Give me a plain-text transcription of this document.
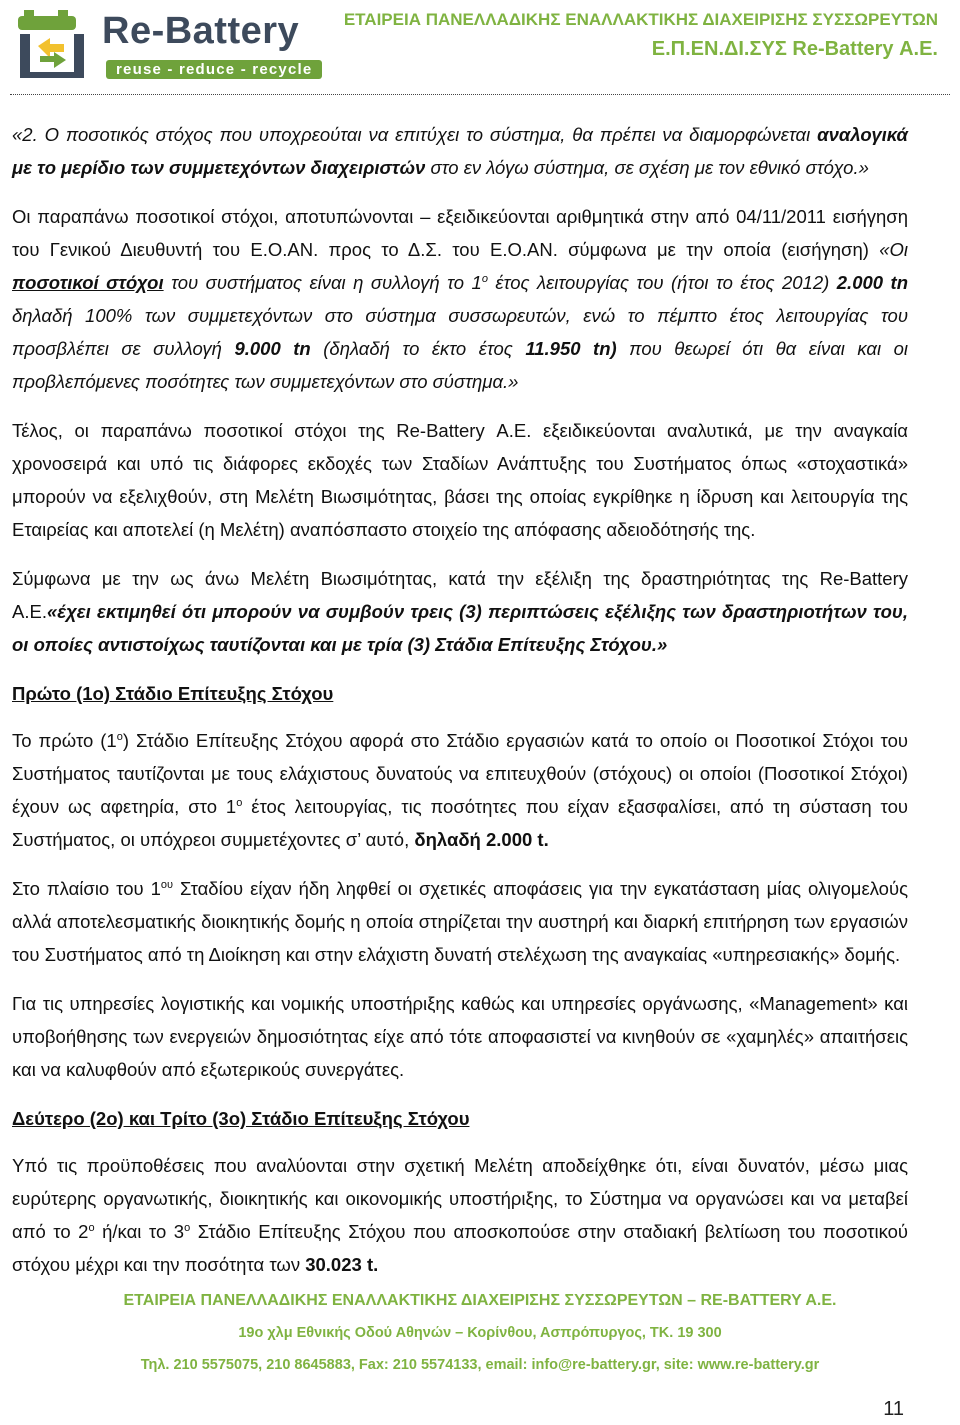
Re-Battery
reuse - reduce - recycle
ΕΤΑΙΡΕΙΑ ΠΑΝΕΛΛΑΔΙΚΗΣ ΕΝΑΛΛΑΚΤΙΚΗΣ ΔΙΑΧΕΙΡΙΣΗΣ ΣΥΣΣΩΡΕΥΤΩΝ
Ε.Π.ΕΝ.ΔΙ.ΣΥΣ Re-Battery Α.Ε.

«2. Ο ποσοτικός στόχος που υποχρεούται να επιτύχει το σύστημα, θα πρέπει να διαμορφώνεται αναλογικά με το μερίδιο των συμμετεχόντων διαχειριστών στο εν λόγω σύστημα, σε σχέση με τον εθνικό στόχο.»

Οι παραπάνω ποσοτικοί στόχοι, αποτυπώνονται – εξειδικεύονται αριθμητικά στην από 04/11/2011 εισήγηση του Γενικού Διευθυντή του Ε.Ο.ΑΝ. προς το Δ.Σ. του Ε.Ο.ΑΝ. σύμφωνα με την οποία (εισήγηση) «Οι ποσοτικοί στόχοι του συστήματος είναι η συλλογή το $1^o$ έτος λειτουργίας του (ήτοι το έτος 2012) 2.000 tn δηλαδή 100% των συμμετεχόντων στο σύστημα συσσωρευτών, ενώ το πέμπτο έτος λειτουργίας του προσβλέπει σε συλλογή 9.000 tn (δηλαδή το έκτο έτος 11.950 tn) που θεωρεί ότι θα είναι και οι προβλεπόμενες ποσότητες των συμμετεχόντων στο σύστημα.»

Τέλος, οι παραπάνω ποσοτικοί στόχοι της Re-Battery Α.Ε. εξειδικεύονται αναλυτικά, με την αναγκαία χρονοσειρά και υπό τις διάφορες εκδοχές των Σταδίων Ανάπτυξης του Συστήματος όπως «στοχαστικά» μπορούν να εξελιχθούν, στη Μελέτη Βιωσιμότητας, βάσει της οποίας εγκρίθηκε η ίδρυση και λειτουργία της Εταιρείας και αποτελεί (η Μελέτη) αναπόσπαστο στοιχείο της απόφασης αδειοδότησής της.

Σύμφωνα με την ως άνω Μελέτη Βιωσιμότητας, κατά την εξέλιξη της δραστηριότητας της Re-Battery Α.Ε.«έχει εκτιμηθεί ότι μπορούν να συμβούν τρεις (3) περιπτώσεις εξέλιξης των δραστηριοτήτων του, οι οποίες αντιστοίχως ταυτίζονται και με τρία (3) Στάδια Επίτευξης Στόχου.»

Πρώτο (1ο) Στάδιο Επίτευξης Στόχου

Το πρώτο $(1^o)$ Στάδιο Επίτευξης Στόχου αφορά στο Στάδιο εργασιών κατά το οποίο οι Ποσοτικοί Στόχοι του Συστήματος ταυτίζονται με τους ελάχιστους δυνατούς να επιτευχθούν (στόχους) οι οποίοι (Ποσοτικοί Στόχοι) έχουν ως αφετηρία, στο $1^o$ έτος λειτουργίας, τις ποσότητες που είχαν εξασφαλίσει, από τη σύσταση του Συστήματος, οι υπόχρεοι συμμετέχοντες σ’ αυτό, δηλαδή 2.000 t.

Στο πλαίσιο του $1^{o\upsilon}$ Σταδίου είχαν ήδη ληφθεί οι σχετικές αποφάσεις για την εγκατάσταση μίας ολιγομελούς αλλά αποτελεσματικής διοικητικής δομής η οποία στηρίζεται την αυστηρή και διαρκή επιτήρηση των εργασιών του Συστήματος από τη Διοίκηση και στην ελάχιστη δυνατή στελέχωση της αναγκαίας «υπηρεσιακής» δομής.

Για τις υπηρεσίες λογιστικής και νομικής υποστήριξης καθώς και υπηρεσίες οργάνωσης, «Management» και υποβοήθησης των ενεργειών δημοσιότητας είχε από τότε αποφασιστεί να κινηθούν σε «χαμηλές» απαιτήσεις και να καλυφθούν από εξωτερικούς συνεργάτες.

Δεύτερο (2ο) και Τρίτο (3ο) Στάδιο Επίτευξης Στόχου

Υπό τις προϋποθέσεις που αναλύονται στην σχετική Μελέτη αποδείχθηκε ότι, είναι δυνατόν, μέσω μιας ευρύτερης οργανωτικής, διοικητικής και οικονομικής υποστήριξης, το Σύστημα να οργανώσει και να μεταβεί από το $2^o$ ή/και το $3^o$ Στάδιο Επίτευξης Στόχου που αποσκοπούσε στην σταδιακή βελτίωση του ποσοτικού στόχου μέχρι και την ποσότητα των 30.023 t.

ΕΤΑΙΡΕΙΑ ΠΑΝΕΛΛΑΔΙΚΗΣ ΕΝΑΛΛΑΚΤΙΚΗΣ ΔΙΑΧΕΙΡΙΣΗΣ ΣΥΣΣΩΡΕΥΤΩΝ – RE-BATTERY A.E.
19ο χλμ Εθνικής Οδού Αθηνών – Κορίνθου, Ασπρόπυργος, ΤΚ. 19 300
Τηλ. 210 5575075, 210 8645883, Fax: 210 5574133, email: info@re-battery.gr, site: www.re-battery.gr
11
